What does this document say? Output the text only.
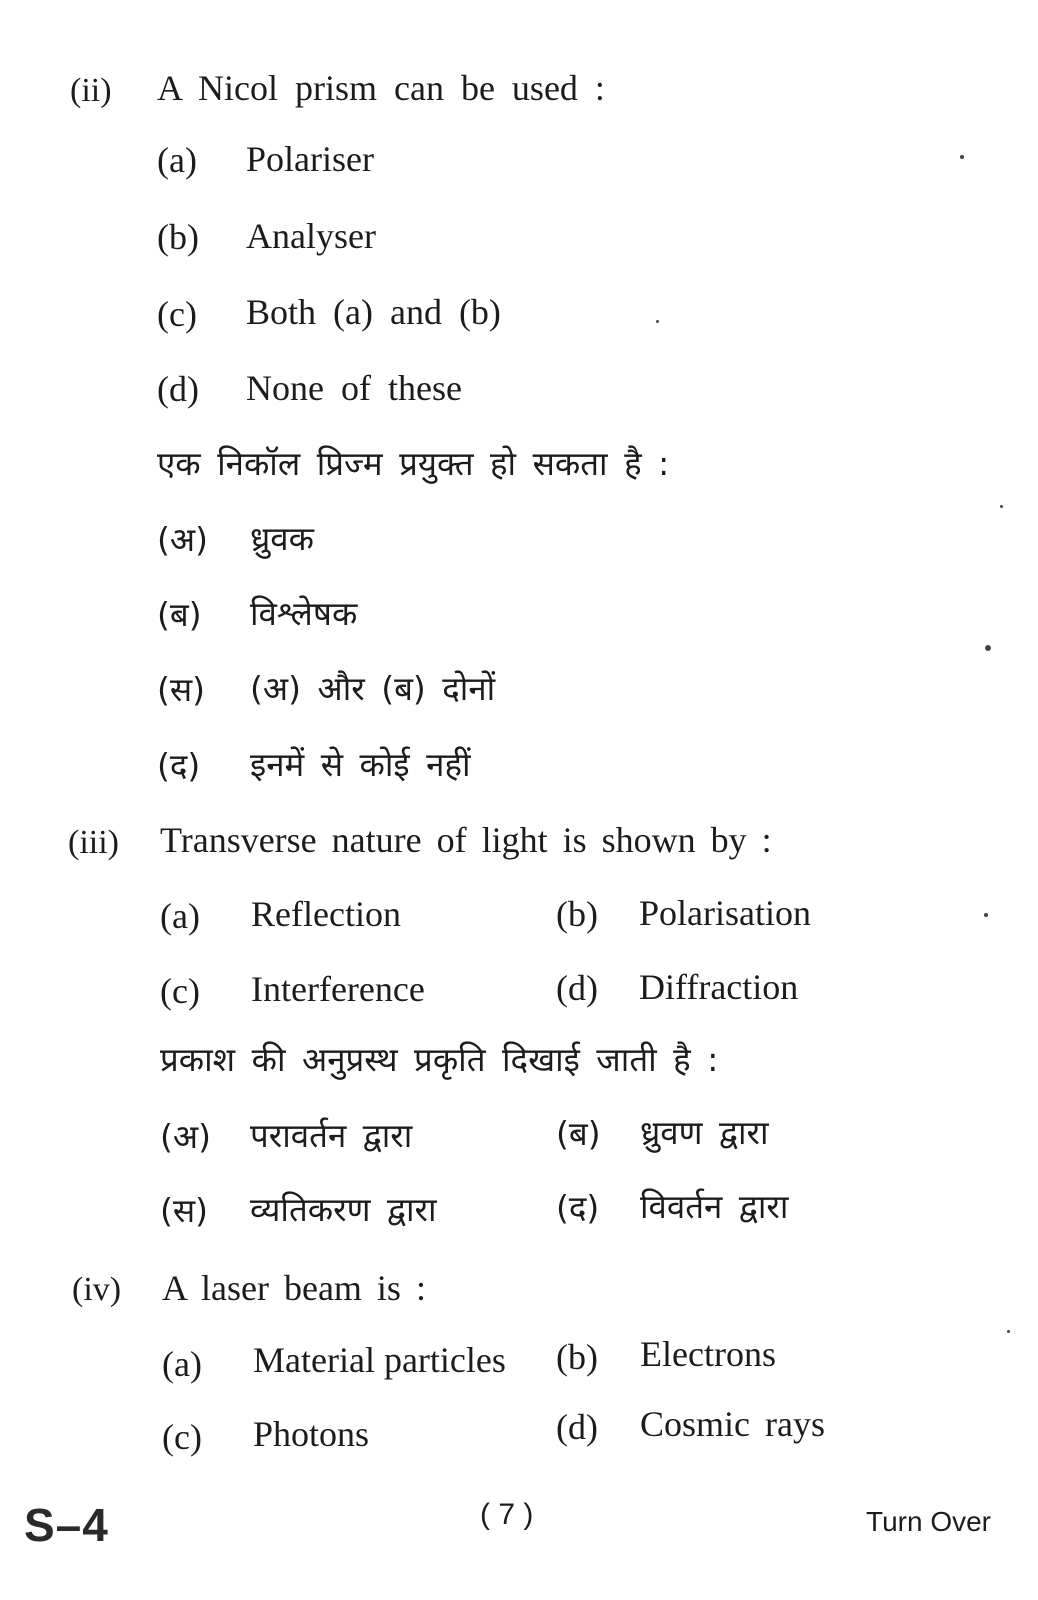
(ii) A Nicol prism can be used :
(a) Polariser
(b) Analyser
(c) Both (a) and (b)
(d) None of these
एक निकॉल प्रिज्म प्रयुक्त हो सकता है :
(अ) ध्रुवक
(ब) विश्लेषक
(स) (अ) और (ब) दोनों
(द) इनमें से कोई नहीं
(iii) Transverse nature of light is shown by :
(a) Reflection	(b) Polarisation
(c) Interference	(d) Diffraction
प्रकाश की अनुप्रस्थ प्रकृति दिखाई जाती है :
(अ) परावर्तन द्वारा	(ब) ध्रुवण द्वारा
(स) व्यतिकरण द्वारा	(द) विवर्तन द्वारा
(iv) A laser beam is :
(a) Material particles (b) Electrons
(c) Photons	(d) Cosmic rays
S–4	( 7 )	Turn Over
